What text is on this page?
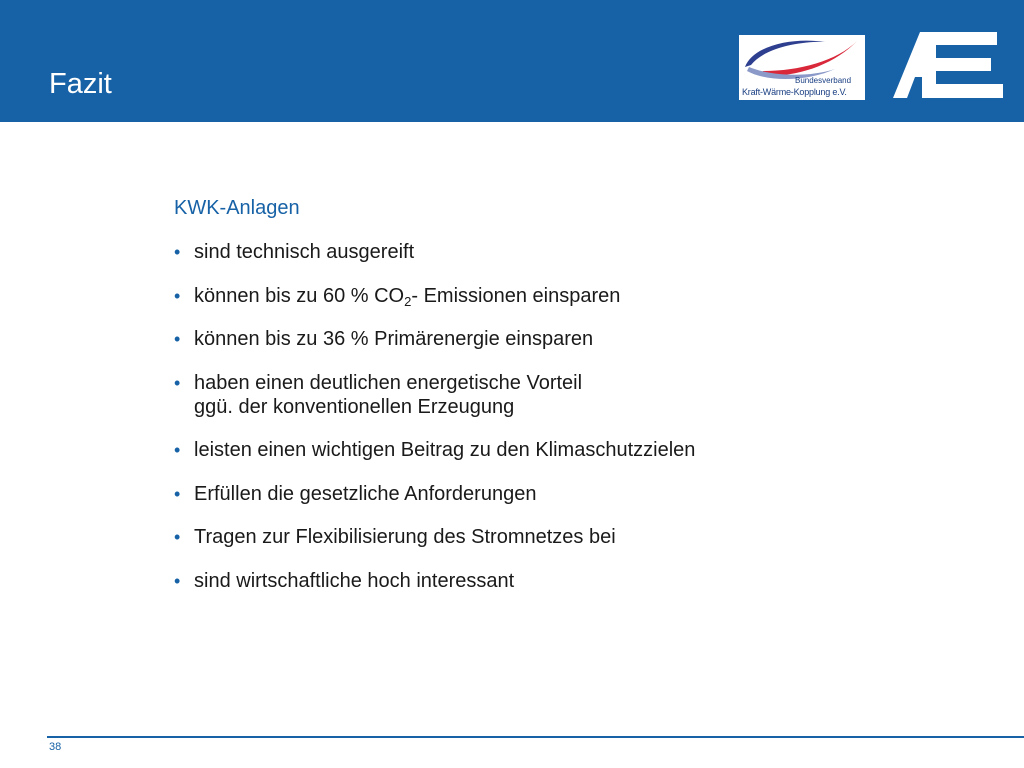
Fazit	Bundesverband
Kraft-Wärme-Kopplung e.V.
KWK-Anlagen
• sind technisch ausgereift
• können bis zu 60 % $CO_2-$ Emissionen einsparen
• können bis zu 36 % Primärenergie einsparen
• haben einen deutlichen energetische Vorteil
ggü. der konventionellen Erzeugung
• leisten einen wichtigen Beitrag zu den Klimaschutzzielen
• Erfüllen die gesetzliche Anforderungen
• Tragen zur Flexibilisierung des Stromnetzes bei
• sind wirtschaftliche hoch interessant
38
